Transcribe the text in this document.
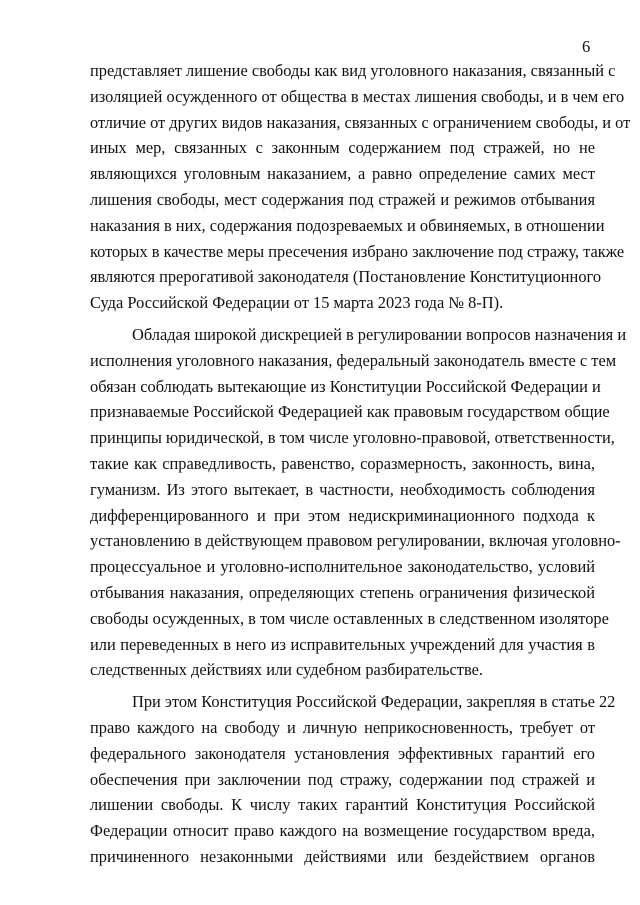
6
представляет лишение свободы как вид уголовного наказания, связанный с
изоляцией осужденного от общества в местах лишения свободы, и в чем его
отличие от других видов наказания, связанных с ограничением свободы, и от
иных мер, связанных с законным содержанием под стражей, но не
являющихся уголовным наказанием, а равно определение самих мест
лишения свободы, мест содержания под стражей и режимов отбывания
наказания в них, содержания подозреваемых и обвиняемых, в отношении
которых в качестве меры пресечения избрано заключение под стражу, также
являются прерогативой законодателя (Постановление Конституционного
Суда Российской Федерации от 15 марта 2023 года № 8-П).
Обладая широкой дискрецией в регулировании вопросов назначения и
исполнения уголовного наказания, федеральный законодатель вместе с тем
обязан соблюдать вытекающие из Конституции Российской Федерации и
признаваемые Российской Федерацией как правовым государством общие
принципы юридической, в том числе уголовно-правовой, ответственности,
такие как справедливость, равенство, соразмерность, законность, вина,
гуманизм. Из этого вытекает, в частности, необходимость соблюдения
дифференцированного и при этом недискриминационного подхода к
установлению в действующем правовом регулировании, включая уголовно-
процессуальное и уголовно-исполнительное законодательство, условий
отбывания наказания, определяющих степень ограничения физической
свободы осужденных, в том числе оставленных в следственном изоляторе
или переведенных в него из исправительных учреждений для участия в
следственных действиях или судебном разбирательстве.
При этом Конституция Российской Федерации, закрепляя в статье 22
право каждого на свободу и личную неприкосновенность, требует от
федерального законодателя установления эффективных гарантий его
обеспечения при заключении под стражу, содержании под стражей и
лишении свободы. К числу таких гарантий Конституция Российской
Федерации относит право каждого на возмещение государством вреда,
причиненного незаконными действиями или бездействием органов
